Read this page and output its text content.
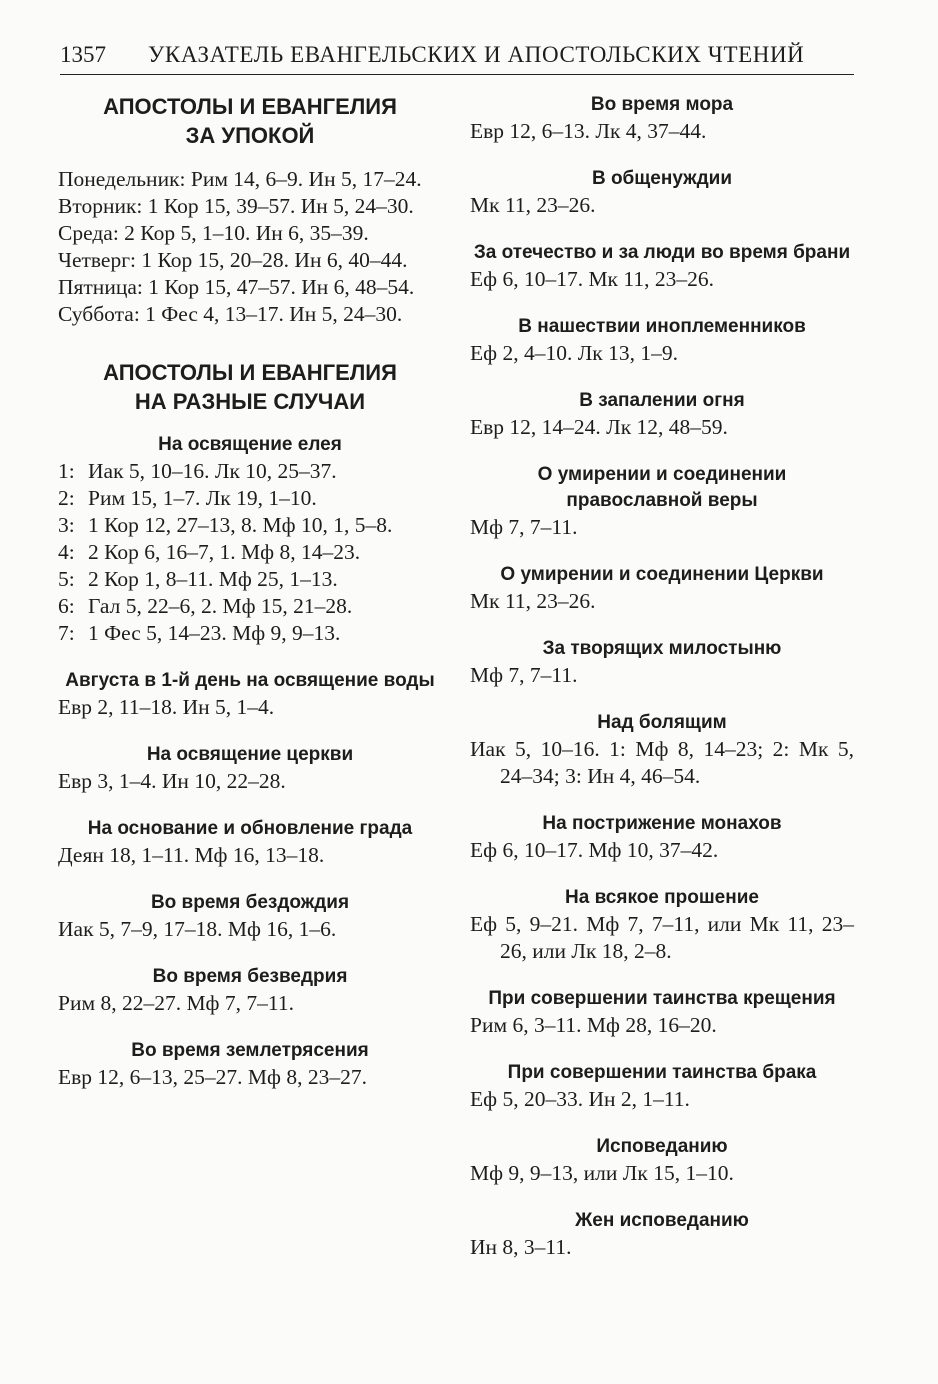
1357 УКАЗАТЕЛЬ ЕВАНГЕЛЬСКИХ И АПОСТОЛЬСКИХ ЧТЕНИЙ
АПОСТОЛЫ И ЕВАНГЕЛИЯ
ЗА УПОКОЙ

Понедельник: Рим 14, 6–9. Ин 5, 17–24.

Вторник: 1 Кор 15, 39–57. Ин 5, 24–30.

Среда: 2 Кор 5, 1–10. Ин 6, 35–39.

Четверг: 1 Кор 15, 20–28. Ин 6, 40–44.

Пятница: 1 Кор 15, 47–57. Ин 6, 48–54.

Суббота: 1 Фес 4, 13–17. Ин 5, 24–30.

АПОСТОЛЫ И ЕВАНГЕЛИЯ
НА РАЗНЫЕ СЛУЧАИ

На освящение елея

1: Иак 5, 10–16. Лк 10, 25–37.
2: Рим 15, 1–7. Лк 19, 1–10.
3: 1 Кор 12, 27–13, 8. Мф 10, 1, 5–8.
4: 2 Кор 6, 16–7, 1. Мф 8, 14–23.
5: 2 Кор 1, 8–11. Мф 25, 1–13.
6: Гал 5, 22–6, 2. Мф 15, 21–28.
7: 1 Фес 5, 14–23. Мф 9, 9–13.

Августа в 1-й день на освящение воды

Евр 2, 11–18. Ин 5, 1–4.

На освящение церкви

Евр 3, 1–4. Ин 10, 22–28.

На основание и обновление града

Деян 18, 1–11. Мф 16, 13–18.

Во время бездождия

Иак 5, 7–9, 17–18. Мф 16, 1–6.

Во время безведрия

Рим 8, 22–27. Мф 7, 7–11.

Во время землетрясения

Евр 12, 6–13, 25–27. Мф 8, 23–27.

Во время мора

Евр 12, 6–13. Лк 4, 37–44.

В общенуждии

Мк 11, 23–26.

За отечество и за люди во время брани

Еф 6, 10–17. Мк 11, 23–26.

В нашествии иноплеменников

Еф 2, 4–10. Лк 13, 1–9.

В запалении огня

Евр 12, 14–24. Лк 12, 48–59.

О умирении и соединении православной веры

Мф 7, 7–11.

О умирении и соединении Церкви

Мк 11, 23–26.

За творящих милостыню

Мф 7, 7–11.

Над болящим

Иак 5, 10–16. 1: Мф 8, 14–23; 2: Мк 5, 24–34; 3: Ин 4, 46–54.

На пострижение монахов

Еф 6, 10–17. Мф 10, 37–42.

На всякое прошение

Еф 5, 9–21. Мф 7, 7–11, или Мк 11, 23–26, или Лк 18, 2–8.

При совершении таинства крещения

Рим 6, 3–11. Мф 28, 16–20.

При совершении таинства брака

Еф 5, 20–33. Ин 2, 1–11.

Исповеданию

Мф 9, 9–13, или Лк 15, 1–10.

Жен исповеданию

Ин 8, 3–11.
